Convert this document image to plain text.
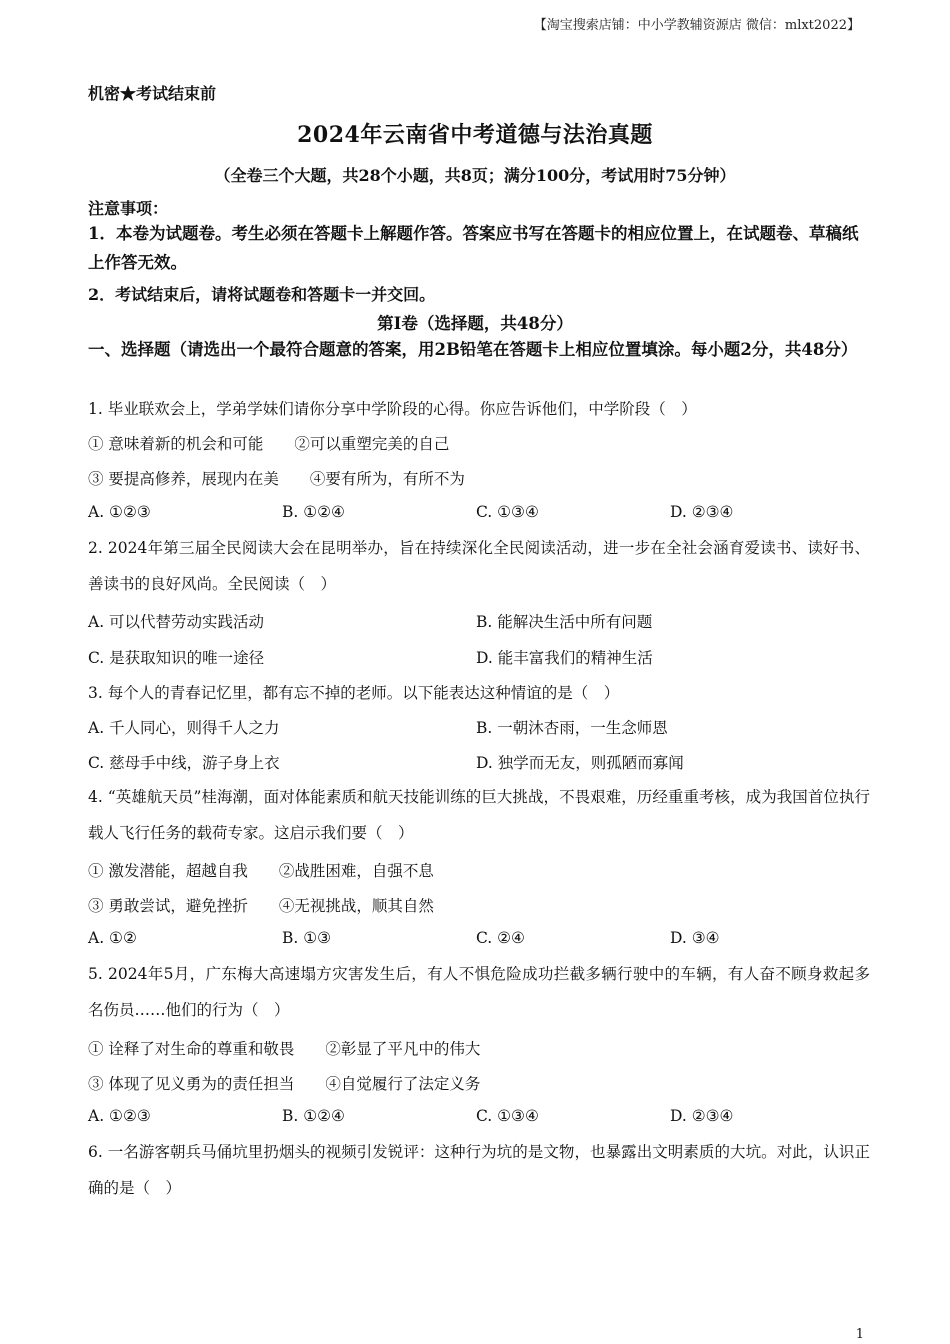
【淘宝搜索店铺：中小学教辅资源店 微信：mlxt2022】
机密★考试结束前
2024年云南省中考道德与法治真题
（全卷三个大题，共28个小题，共8页；满分100分，考试用时75分钟）
注意事项：
1．本卷为试题卷。考生必须在答题卡上解题作答。答案应书写在答题卡的相应位置上，在试题卷、草稿纸上作答无效。
2．考试结束后，请将试题卷和答题卡一并交回。
第Ⅰ卷（选择题，共48分）
一、选择题（请选出一个最符合题意的答案，用2B铅笔在答题卡上相应位置填涂。每小题2分，共48分）
1. 毕业联欢会上，学弟学妹们请你分享中学阶段的心得。你应告诉他们，中学阶段（　）
① 意味着新的机会和可能　　②可以重塑完美的自己
③ 要提高修养，展现内在美　　④要有所为，有所不为
A. ①②③	B. ①②④	C. ①③④	D. ②③④
2. 2024年第三届全民阅读大会在昆明举办，旨在持续深化全民阅读活动，进一步在全社会涵育爱读书、读好书、善读书的良好风尚。全民阅读（　）
A. 可以代替劳动实践活动	B. 能解决生活中所有问题
C. 是获取知识的唯一途径	D. 能丰富我们的精神生活
3. 每个人的青春记忆里，都有忘不掉的老师。以下能表达这种情谊的是（　）
A. 千人同心，则得千人之力	B. 一朝沐杏雨，一生念师恩
C. 慈母手中线，游子身上衣	D. 独学而无友，则孤陋而寡闻
4. “英雄航天员”桂海潮，面对体能素质和航天技能训练的巨大挑战，不畏艰难，历经重重考核，成为我国首位执行载人飞行任务的载荷专家。这启示我们要（　）
① 激发潜能，超越自我　　②战胜困难，自强不息
③ 勇敢尝试，避免挫折　　④无视挑战，顺其自然
A. ①②	B. ①③	C. ②④	D. ③④
5. 2024年5月，广东梅大高速塌方灾害发生后，有人不惧危险成功拦截多辆行驶中的车辆，有人奋不顾身救起多名伤员……他们的行为（　）
① 诠释了对生命的尊重和敬畏　　②彰显了平凡中的伟大
③ 体现了见义勇为的责任担当　　④自觉履行了法定义务
A. ①②③	B. ①②④	C. ①③④	D. ②③④
6. 一名游客朝兵马俑坑里扔烟头的视频引发锐评：这种行为坑的是文物，也暴露出文明素质的大坑。对此，认识正确的是（　）
1
